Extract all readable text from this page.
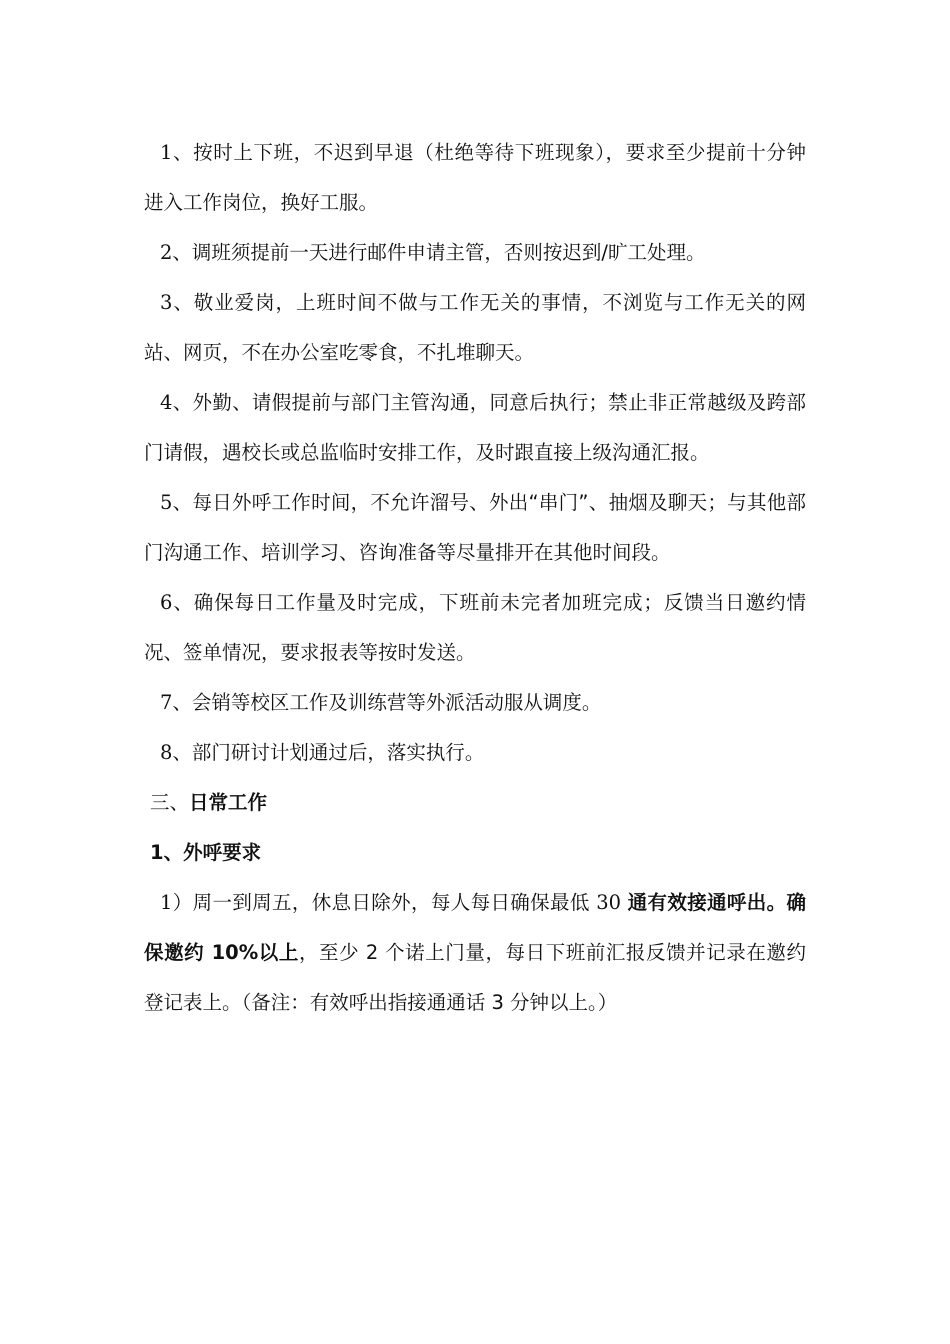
1、按时上下班，不迟到早退（杜绝等待下班现象），要求至少提前十分钟进入工作岗位，换好工服。
2、调班须提前一天进行邮件申请主管，否则按迟到/旷工处理。
3、敬业爱岗，上班时间不做与工作无关的事情，不浏览与工作无关的网站、网页，不在办公室吃零食，不扎堆聊天。
4、外勤、请假提前与部门主管沟通，同意后执行；禁止非正常越级及跨部门请假，遇校长或总监临时安排工作，及时跟直接上级沟通汇报。
5、每日外呼工作时间，不允许溜号、外出“串门”、抽烟及聊天；与其他部门沟通工作、培训学习、咨询准备等尽量排开在其他时间段。
6、确保每日工作量及时完成，下班前未完者加班完成；反馈当日邀约情况、签单情况，要求报表等按时发送。
7、会销等校区工作及训练营等外派活动服从调度。
8、部门研讨计划通过后，落实执行。
三、日常工作
1、外呼要求
1）周一到周五，休息日除外，每人每日确保最低 30 通有效接通呼出。确保邀约 10%以上，至少 2 个诺上门量，每日下班前汇报反馈并记录在邀约登记表上。（备注：有效呼出指接通通话 3 分钟以上。）
